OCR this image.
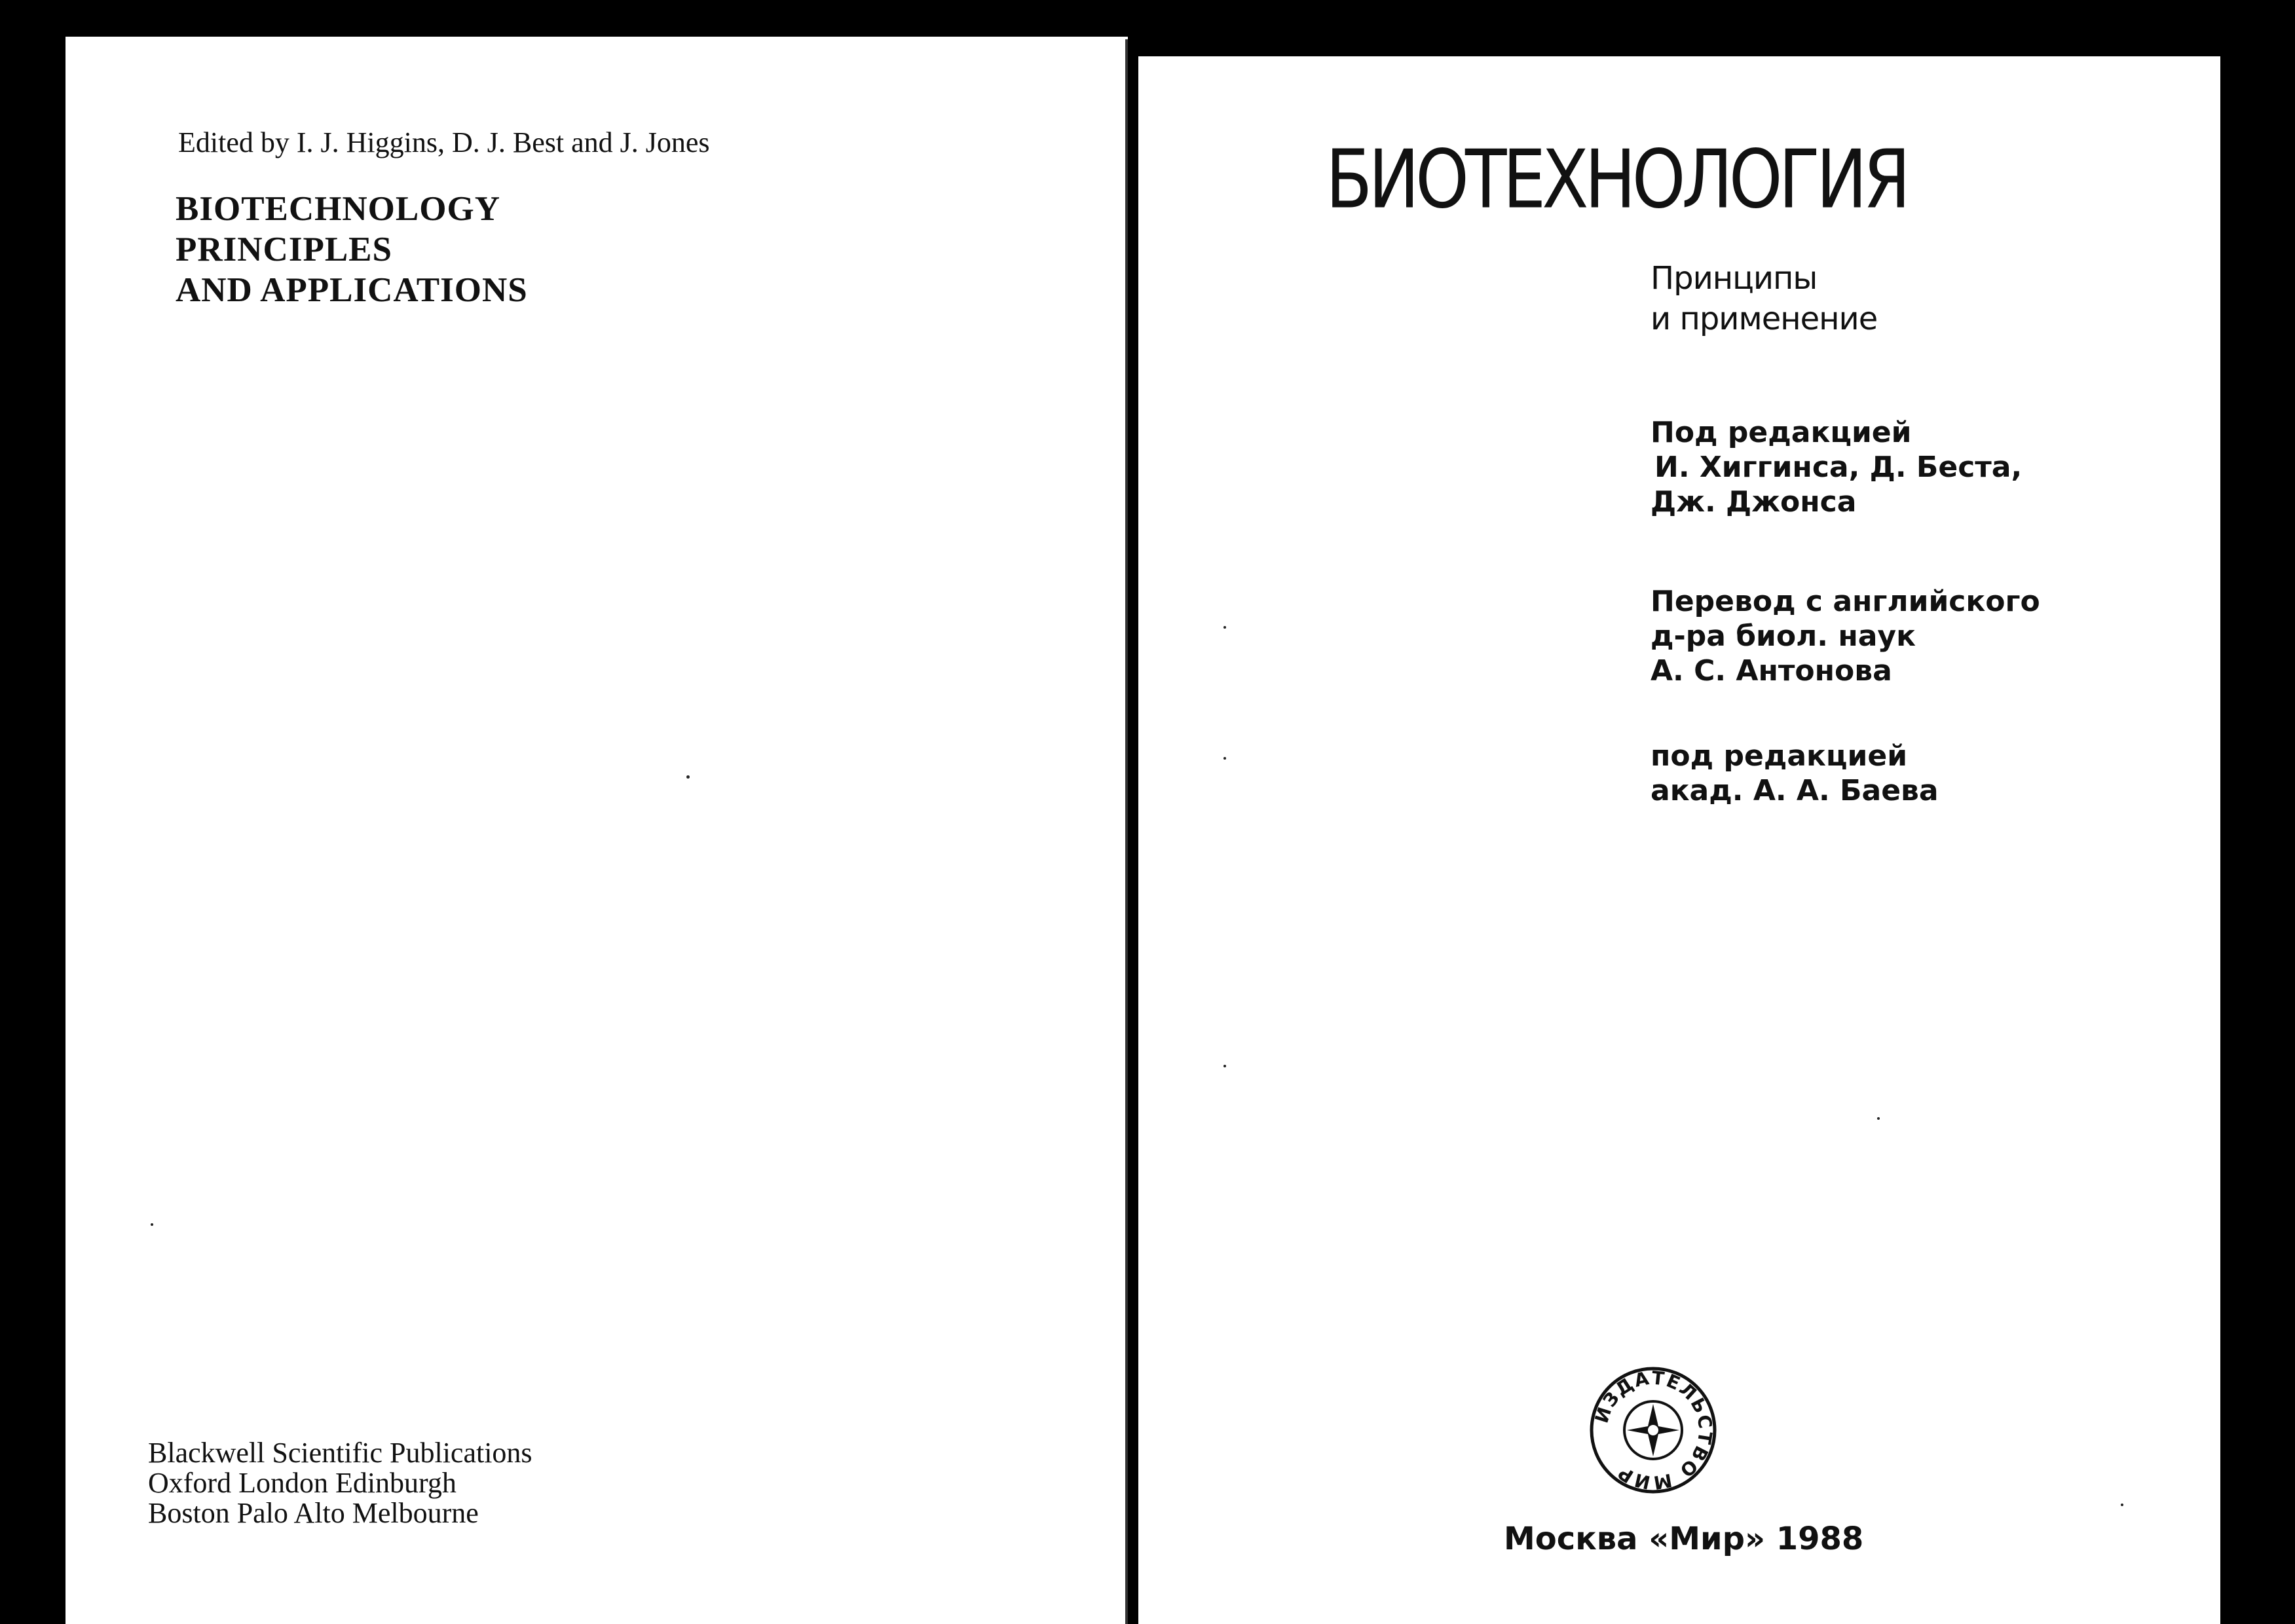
Edited by I. J. Higgins, D. J. Best and J. Jones

BIOTECHNOLOGY
PRINCIPLES
AND APPLICATIONS

Blackwell Scientific Publications
Oxford London Edinburgh
Boston Palo Alto Melbourne

БИОТЕХНОЛОГИЯ

Принципы
и применение

Под редакцией
И. Хиггинса, Д. Беста,
Дж. Джонса

Перевод с английского
д-ра биол. наук
А. С. Антонова

под редакцией
акад. А. А. Баева

ИЗДАТЕЛЬСТВО МИР

Москва «Мир» 1988
